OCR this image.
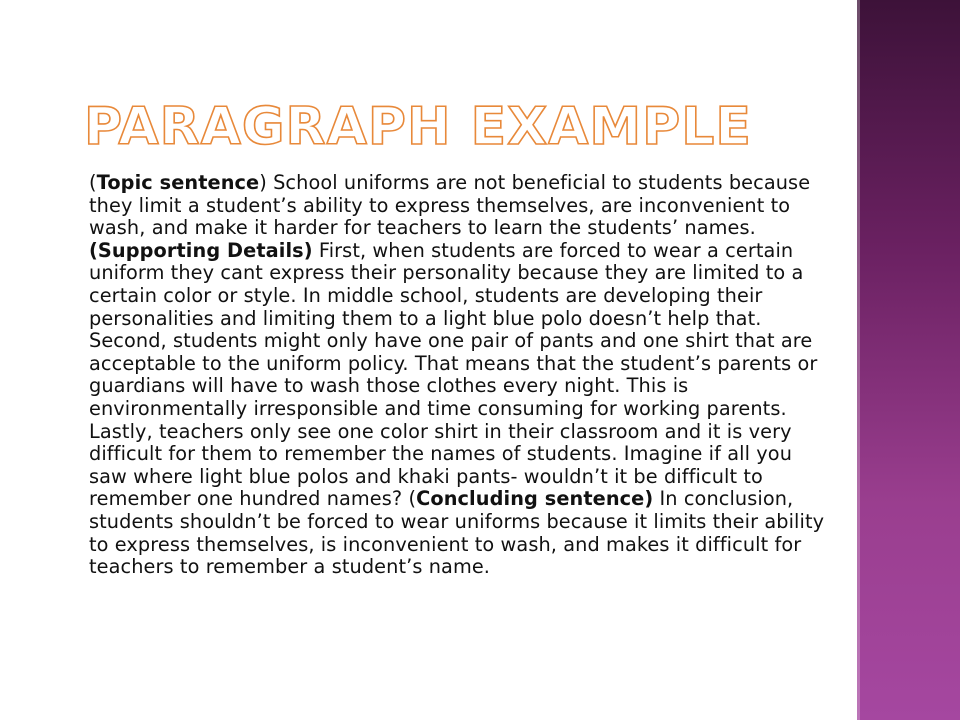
PARAGRAPH EXAMPLE
(Topic sentence) School uniforms are not beneficial to students because they limit a student’s ability to express themselves, are inconvenient to wash, and make it harder for teachers to learn the students’ names. (Supporting Details) First, when students are forced to wear a certain uniform they cant express their personality because they are limited to a certain color or style. In middle school, students are developing their personalities and limiting them to a light blue polo doesn’t help that. Second, students might only have one pair of pants and one shirt that are acceptable to the uniform policy. That means that the student’s parents or guardians will have to wash those clothes every night. This is environmentally irresponsible and time consuming for working parents. Lastly, teachers only see one color shirt in their classroom and it is very difficult for them to remember the names of students. Imagine if all you saw where light blue polos and khaki pants- wouldn’t it be difficult to remember one hundred names? (Concluding sentence) In conclusion, students shouldn’t be forced to wear uniforms because it limits their ability to express themselves, is inconvenient to wash, and makes it difficult for teachers to remember a student’s name.
